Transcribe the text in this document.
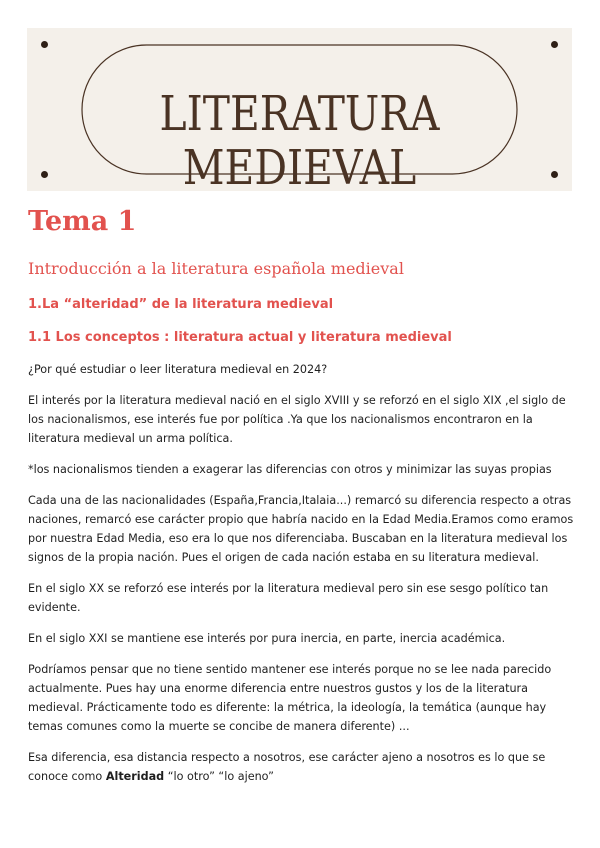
LITERATURA
MEDIEVAL
Tema 1
Introducción a la literatura española medieval
1.La “alteridad” de la literatura medieval
1.1 Los conceptos : literatura actual y literatura medieval

¿Por qué estudiar o leer literatura medieval en 2024?

El interés por la literatura medieval nació en el siglo XVIII y se reforzó en el siglo XIX ,el siglo de los nacionalismos, ese interés fue por política .Ya que los nacionalismos encontraron en la literatura medieval un arma política.

*los nacionalismos tienden a exagerar las diferencias con otros y minimizar las suyas propias

Cada una de las nacionalidades (España,Francia,Italaia...) remarcó su diferencia respecto a otras naciones, remarcó ese carácter propio que habría nacido en la Edad Media.Eramos como eramos por nuestra Edad Media, eso era lo que nos diferenciaba. Buscaban en la literatura medieval los signos de la propia nación. Pues el origen de cada nación estaba en su literatura medieval.

En el siglo XX se reforzó ese interés por la literatura medieval pero sin ese sesgo político tan evidente.

En el siglo XXI se mantiene ese interés por pura inercia, en parte, inercia académica.

Podríamos pensar que no tiene sentido mantener ese interés porque no se lee nada parecido actualmente. Pues hay una enorme diferencia entre nuestros gustos y los de la literatura medieval. Prácticamente todo es diferente: la métrica, la ideología, la temática (aunque hay temas comunes como la muerte se concibe de manera diferente) ...

Esa diferencia, esa distancia respecto a nosotros, ese carácter ajeno a nosotros es lo que se conoce como Alteridad “lo otro” “lo ajeno”
